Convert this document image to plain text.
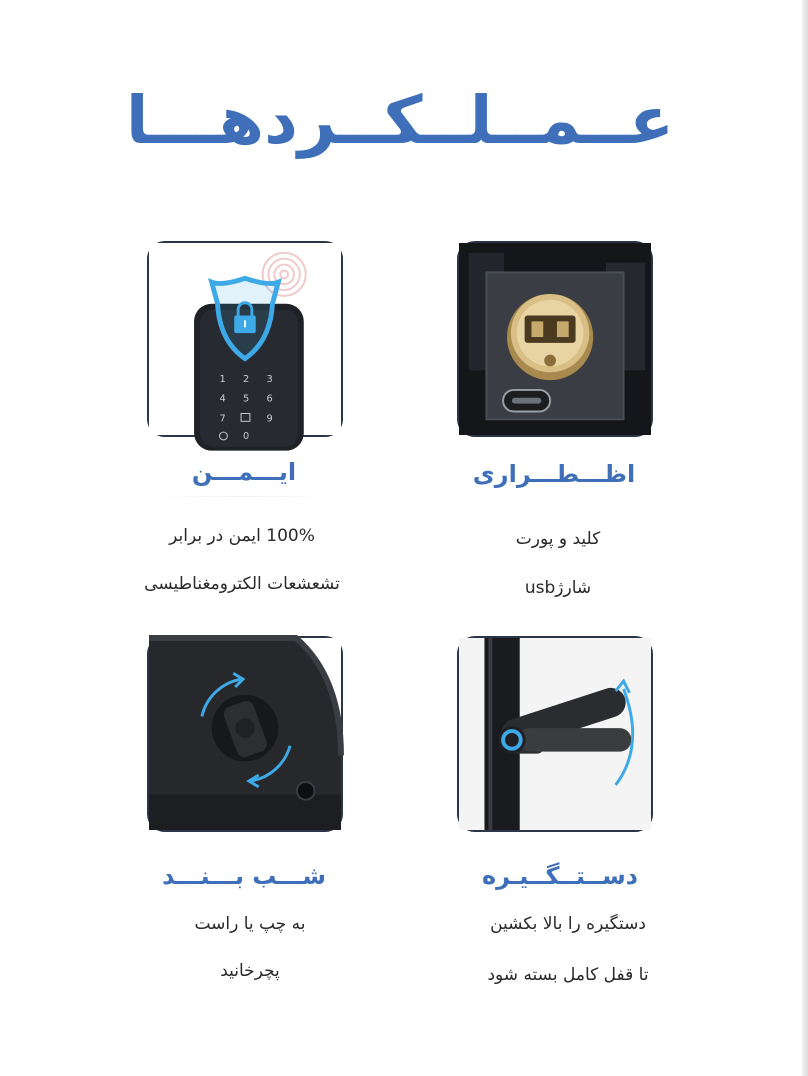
عــمــلــکــردهـــا
1 2 3
4 5 6
7	9
0
اظـــطـــراری
ایـــمـــن
دســتــگــیـره
شـــب بـــنـــد
کلید و پورت
شارژusb
100% ایمن در برابر
تشعشعات الکترومغناطیسی
دستگیره را بالا بکشین
تا قفل کامل بسته شود
به چپ یا راست
پچرخانید
